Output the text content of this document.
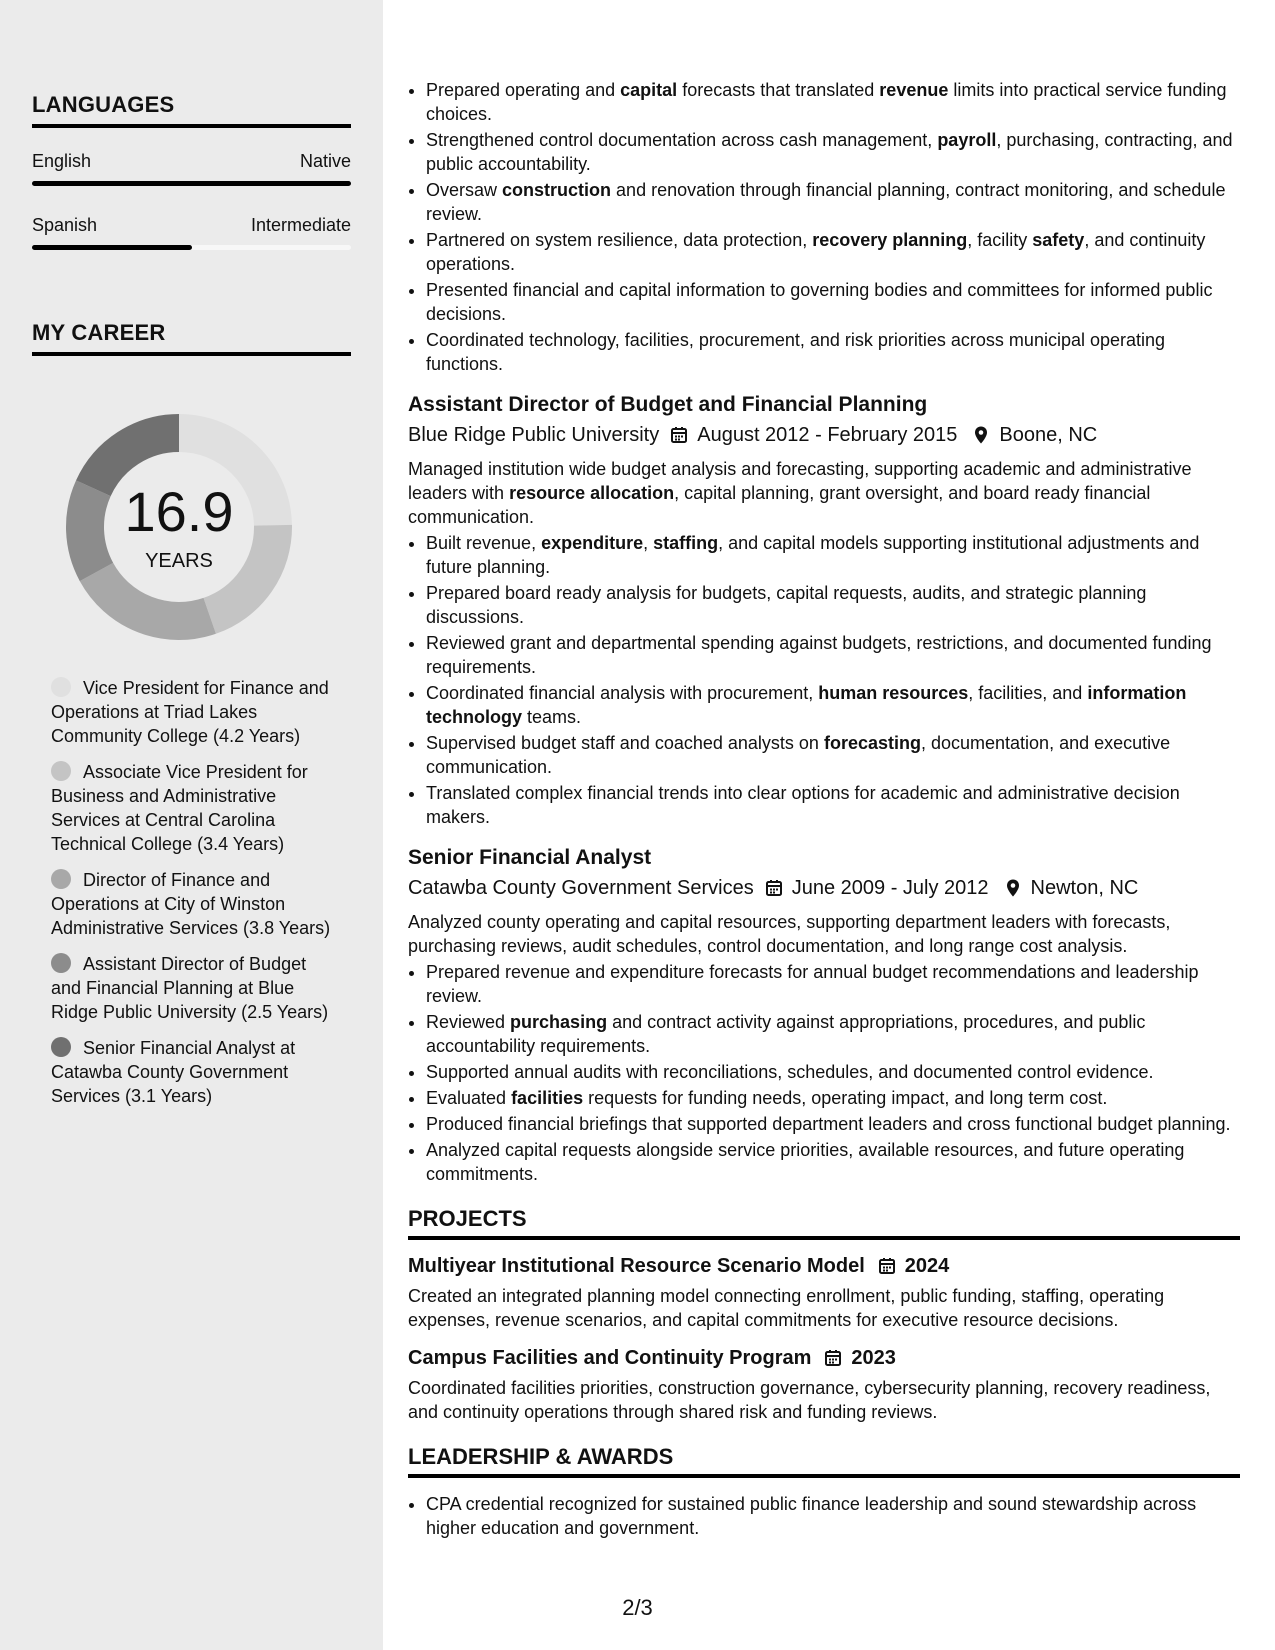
LANGUAGES
English	Native
Spanish	Intermediate
MY CAREER
16.9
YEARS
Vice President for Finance and Operations at Triad Lakes Community College (4.2 Years)
Associate Vice President for Business and Administrative Services at Central Carolina Technical College (3.4 Years)
Director of Finance and Operations at City of Winston Administrative Services (3.8 Years)
Assistant Director of Budget and Financial Planning at Blue Ridge Public University (2.5 Years)
Senior Financial Analyst at Catawba County Government Services (3.1 Years)
• Prepared operating and capital forecasts that translated revenue limits into practical service funding choices.
• Strengthened control documentation across cash management, payroll, purchasing, contracting, and public accountability.
• Oversaw construction and renovation through financial planning, contract monitoring, and schedule review.
• Partnered on system resilience, data protection, recovery planning, facility safety, and continuity operations.
• Presented financial and capital information to governing bodies and committees for informed public decisions.
• Coordinated technology, facilities, procurement, and risk priorities across municipal operating functions.
Assistant Director of Budget and Financial Planning
Blue Ridge Public University August 2012 - February 2015 Boone, NC
Managed institution wide budget analysis and forecasting, supporting academic and administrative leaders with resource allocation, capital planning, grant oversight, and board ready financial communication.
• Built revenue, expenditure, staffing, and capital models supporting institutional adjustments and future planning.
• Prepared board ready analysis for budgets, capital requests, audits, and strategic planning discussions.
• Reviewed grant and departmental spending against budgets, restrictions, and documented funding requirements.
• Coordinated financial analysis with procurement, human resources, facilities, and information technology teams.
• Supervised budget staff and coached analysts on forecasting, documentation, and executive communication.
• Translated complex financial trends into clear options for academic and administrative decision makers.
Senior Financial Analyst
Catawba County Government Services June 2009 - July 2012 Newton, NC
Analyzed county operating and capital resources, supporting department leaders with forecasts, purchasing reviews, audit schedules, control documentation, and long range cost analysis.
• Prepared revenue and expenditure forecasts for annual budget recommendations and leadership review.
• Reviewed purchasing and contract activity against appropriations, procedures, and public accountability requirements.
• Supported annual audits with reconciliations, schedules, and documented control evidence.
• Evaluated facilities requests for funding needs, operating impact, and long term cost.
• Produced financial briefings that supported department leaders and cross functional budget planning.
• Analyzed capital requests alongside service priorities, available resources, and future operating commitments.
PROJECTS
Multiyear Institutional Resource Scenario Model 2024
Created an integrated planning model connecting enrollment, public funding, staffing, operating expenses, revenue scenarios, and capital commitments for executive resource decisions.
Campus Facilities and Continuity Program 2023
Coordinated facilities priorities, construction governance, cybersecurity planning, recovery readiness, and continuity operations through shared risk and funding reviews.
LEADERSHIP & AWARDS
• CPA credential recognized for sustained public finance leadership and sound stewardship across higher education and government.
2/3
